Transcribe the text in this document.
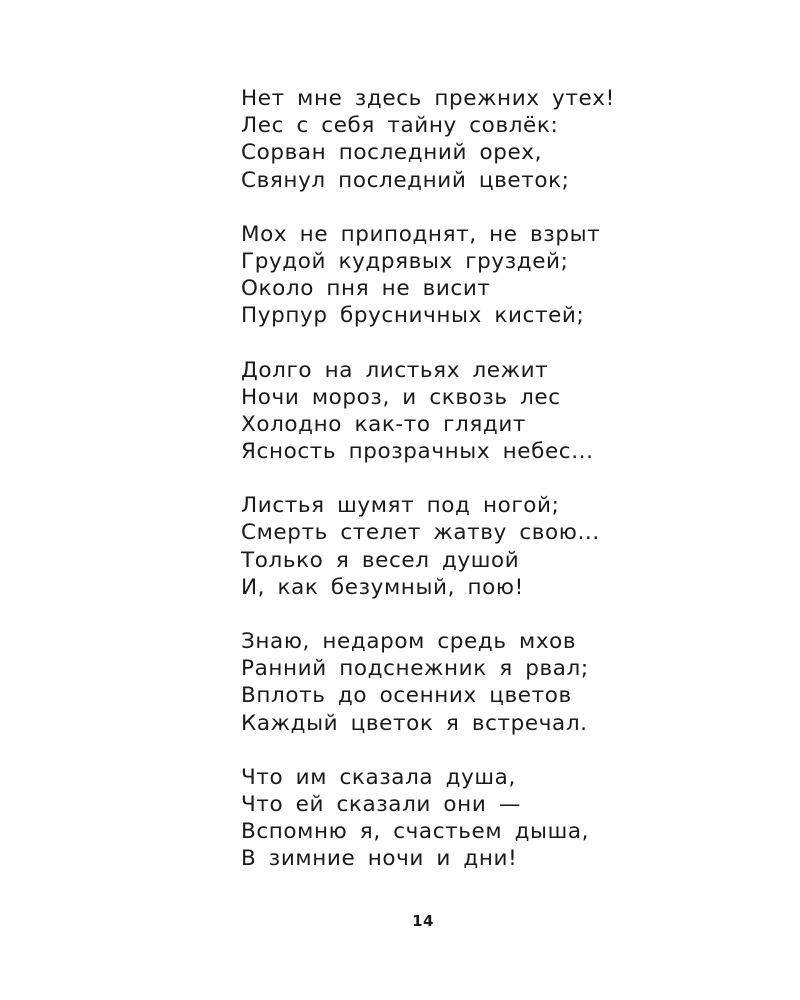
Нет мне здесь прежних утех!
Лес с себя тайну совлёк:
Сорван последний орех,
Свянул последний цветок;
Мох не приподнят, не взрыт
Грудой кудрявых груздей;
Около пня не висит
Пурпур брусничных кистей;
Долго на листьях лежит
Ночи мороз, и сквозь лес
Холодно как-то глядит
Ясность прозрачных небес...
Листья шумят под ногой;
Смерть стелет жатву свою...
Только я весел душой
И, как безумный, пою!
Знаю, недаром средь мхов
Ранний подснежник я рвал;
Вплоть до осенних цветов
Каждый цветок я встречал.
Что им сказала душа,
Что ей сказали они —
Вспомню я, счастьем дыша,
В зимние ночи и дни!
14
